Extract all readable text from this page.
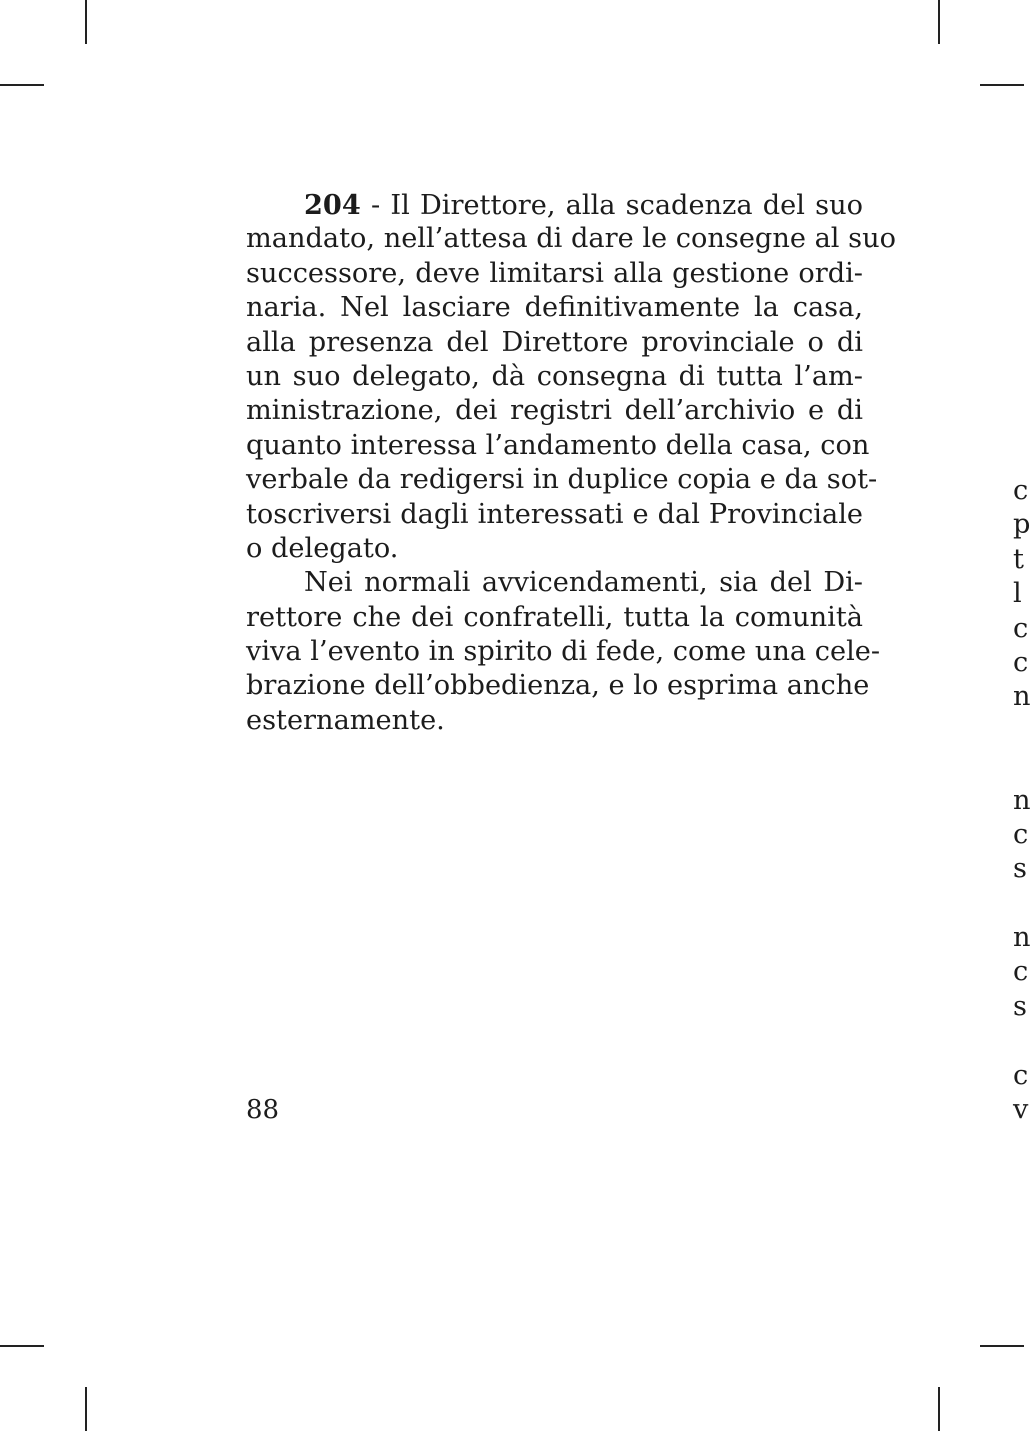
204 - Il Direttore, alla scadenza del suo
mandato, nell’attesa di dare le consegne al suo
successore, deve limitarsi alla gestione ordi-
naria. Nel lasciare definitivamente la casa,
alla presenza del Direttore provinciale o di
un suo delegato, dà consegna di tutta l’am-
ministrazione, dei registri dell’archivio e di
quanto interessa l’andamento della casa, con
verbale da redigersi in duplice copia e da sot-
toscriversi dagli interessati e dal Provinciale
o delegato.
Nei normali avvicendamenti, sia del Di-
rettore che dei confratelli, tutta la comunità
viva l’evento in spirito di fede, come una cele-
brazione dell’obbedienza, e lo esprima anche
esternamente.
88
c
p
t
l
c
c
n
n
c
s
n
c
s
c
v
